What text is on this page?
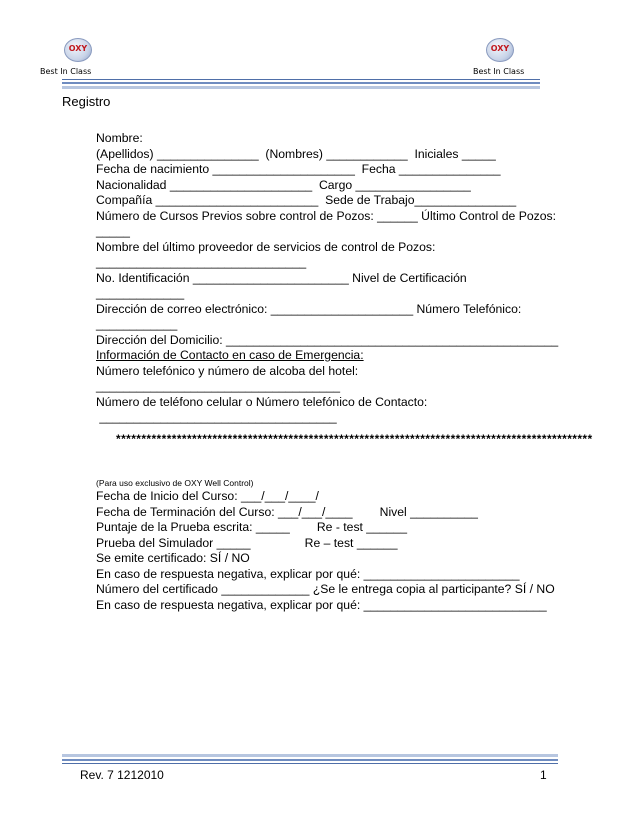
OXY	OXY
Best In Class	Best In Class
Registro
Nombre:
(Apellidos) _______________  (Nombres) ____________  Iniciales _____
Fecha de nacimiento _____________________  Fecha _______________
Nacionalidad _____________________  Cargo _________________
Compañía ________________________  Sede de Trabajo_______________
Número de Cursos Previos sobre control de Pozos: ______ Último Control de Pozos:
_____
Nombre del último proveedor de servicios de control de Pozos:
_______________________________
No. Identificación _______________________ Nivel de Certificación
_____________
Dirección de correo electrónico: _____________________ Número Telefónico:
____________
Dirección del Domicilio: _________________________________________________
Información de Contacto en caso de Emergencia:
Número telefónico y número de alcoba del hotel:
____________________________________
Número de teléfono celular o Número telefónico de Contacto:
___________________________________
**********************************************************************************************
(Para uso exclusivo de OXY Well Control)
Fecha de Inicio del Curso: ___/___/____/
Fecha de Terminación del Curso: ___/___/____        Nivel __________
Puntaje de la Prueba escrita: _____        Re - test ______
Prueba del Simulador _____                Re – test ______
Se emite certificado: SÍ / NO
En caso de respuesta negativa, explicar por qué: _______________________
Número del certificado _____________ ¿Se le entrega copia al participante? SÍ / NO
En caso de respuesta negativa, explicar por qué: ___________________________
Rev. 7 1212010	1
